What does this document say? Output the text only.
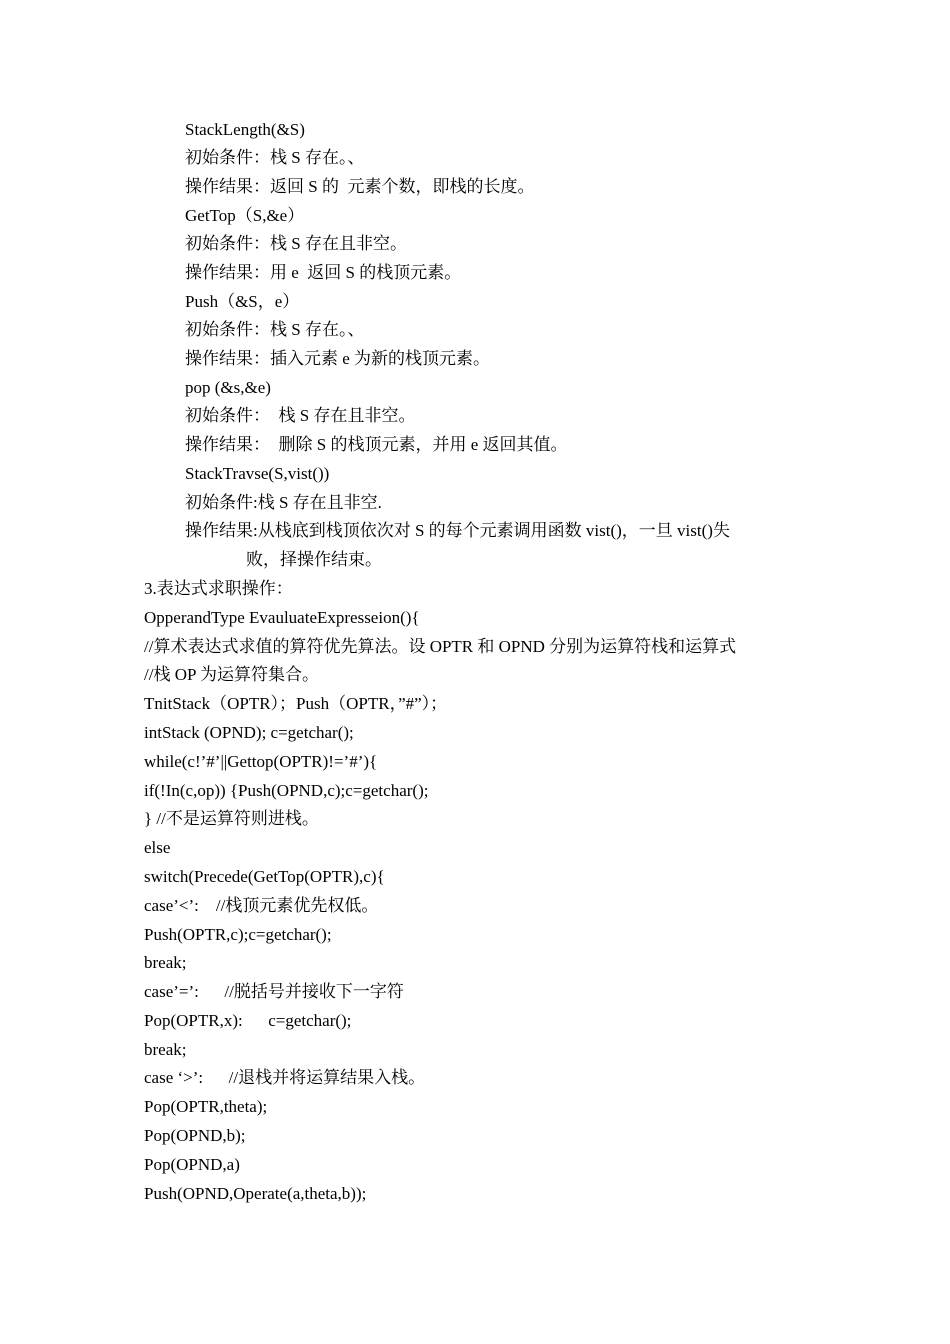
StackLength(&S)
初始条件：栈 S 存在。、
操作结果：返回 S 的  元素个数，即栈的长度。
GetTop（S,&e）
初始条件：栈 S 存在且非空。
操作结果：用 e  返回 S 的栈顶元素。
Push（&S，e）
初始条件：栈 S 存在。、
操作结果：插入元素 e 为新的栈顶元素。
pop (&s,&e)
初始条件：  栈 S 存在且非空。
操作结果：  删除 S 的栈顶元素，并用 e 返回其值。
StackTravse(S,vist())
初始条件:栈 S 存在且非空.
操作结果:从栈底到栈顶依次对 S 的每个元素调用函数 vist()，一旦 vist()失
败，择操作结束。
3.表达式求职操作：
OpperandType EvauluateExpresseion(){
//算术表达式求值的算符优先算法。设 OPTR 和 OPND 分别为运算符栈和运算式
//栈 OP 为运算符集合。
TnitStack（OPTR）；Push（OPTR，”#”）；
intStack (OPND); c=getchar();
while(c!’#’||Gettop(OPTR)!=’#’){
if(!In(c,op)) {Push(OPND,c);c=getchar();
} //不是运算符则进栈。
else
switch(Precede(GetTop(OPTR),c){
case’<’:    //栈顶元素优先权低。
Push(OPTR,c);c=getchar();
break;
case’=’:      //脱括号并接收下一字符
Pop(OPTR,x):      c=getchar();
break;
case ‘>’:      //退栈并将运算结果入栈。
Pop(OPTR,theta);
Pop(OPND,b);
Pop(OPND,a)
Push(OPND,Operate(a,theta,b));
